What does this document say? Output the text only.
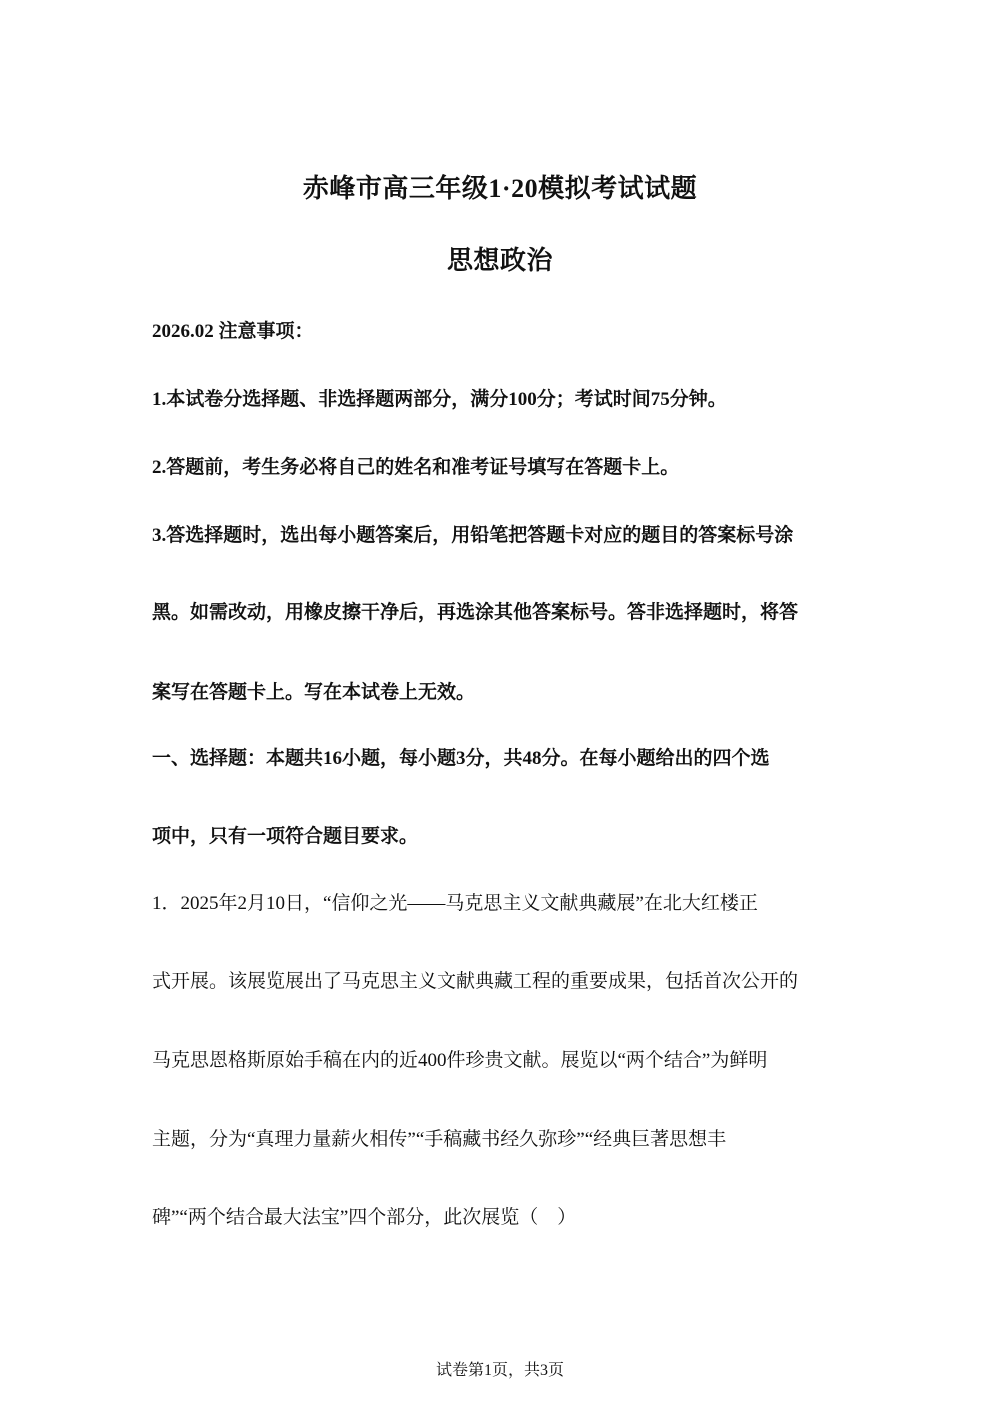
赤峰市高三年级1·20模拟考试试题
思想政治
2026.02 注意事项：
1.本试卷分选择题、非选择题两部分，满分100分；考试时间75分钟。
2.答题前，考生务必将自己的姓名和准考证号填写在答题卡上。
3.答选择题时，选出每小题答案后，用铅笔把答题卡对应的题目的答案标号涂
黑。如需改动，用橡皮擦干净后，再选涂其他答案标号。答非选择题时，将答
案写在答题卡上。写在本试卷上无效。
一、选择题：本题共16小题，每小题3分，共48分。在每小题给出的四个选
项中，只有一项符合题目要求。
1．2025年2月10日，“信仰之光——马克思主义文献典藏展”在北大红楼正
式开展。该展览展出了马克思主义文献典藏工程的重要成果，包括首次公开的
马克思恩格斯原始手稿在内的近400件珍贵文献。展览以“两个结合”为鲜明
主题，分为“真理力量薪火相传”“手稿藏书经久弥珍”“经典巨著思想丰
碑”“两个结合最大法宝”四个部分，此次展览（　）
试卷第1页，共3页
